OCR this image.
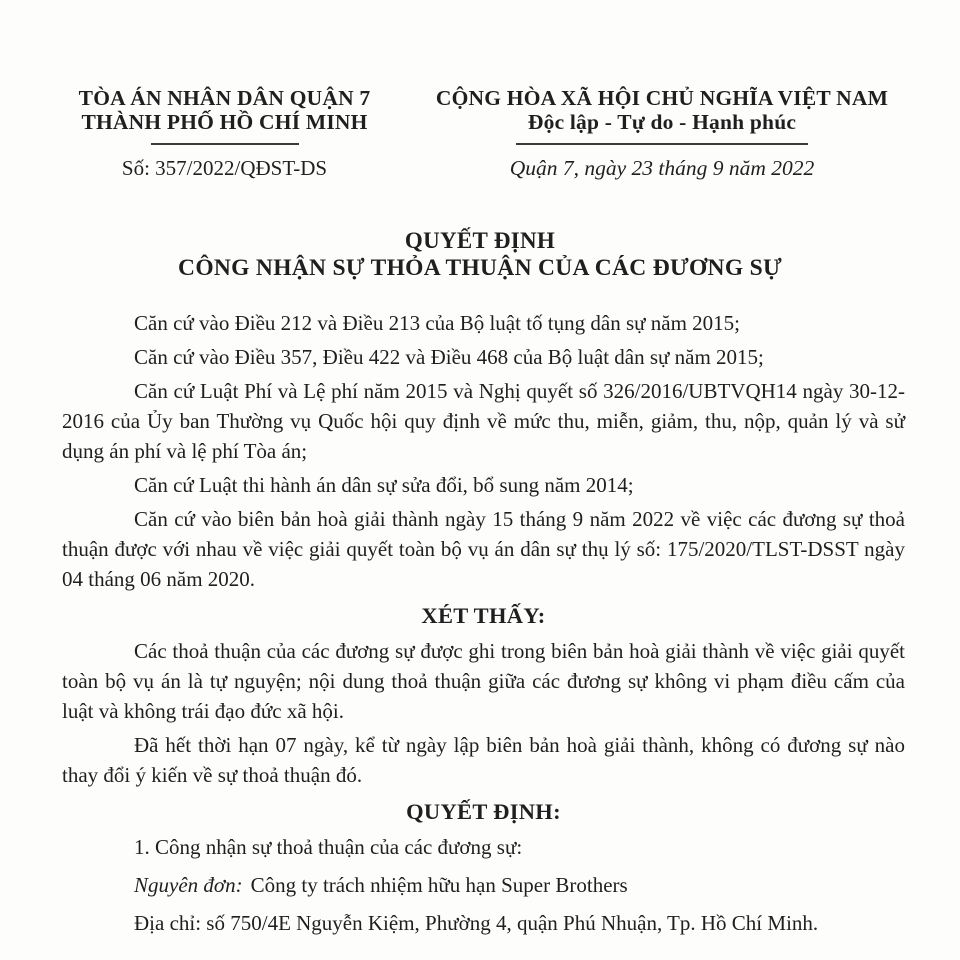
TÒA ÁN NHÂN DÂN QUẬN 7
THÀNH PHỐ HỒ CHÍ MINH
Số: 357/2022/QĐST-DS
CỘNG HÒA XÃ HỘI CHỦ NGHĨA VIỆT NAM
Độc lập - Tự do - Hạnh phúc
Quận 7, ngày 23 tháng 9 năm 2022
QUYẾT ĐỊNH
CÔNG NHẬN SỰ THỎA THUẬN CỦA CÁC ĐƯƠNG SỰ

Căn cứ vào Điều 212 và Điều 213 của Bộ luật tố tụng dân sự năm 2015;

Căn cứ vào Điều 357, Điều 422 và Điều 468 của Bộ luật dân sự năm 2015;

Căn cứ Luật Phí và Lệ phí năm 2015 và Nghị quyết số 326/2016/UBTVQH14 ngày 30-12-2016 của Ủy ban Thường vụ Quốc hội quy định về mức thu, miễn, giảm, thu, nộp, quản lý và sử dụng án phí và lệ phí Tòa án;

Căn cứ Luật thi hành án dân sự sửa đổi, bổ sung năm 2014;

Căn cứ vào biên bản hoà giải thành ngày 15 tháng 9 năm 2022 về việc các đương sự thoả thuận được với nhau về việc giải quyết toàn bộ vụ án dân sự thụ lý số: 175/2020/TLST-DSST ngày 04 tháng 06 năm 2020.

XÉT THẤY:

Các thoả thuận của các đương sự được ghi trong biên bản hoà giải thành về việc giải quyết toàn bộ vụ án là tự nguyện; nội dung thoả thuận giữa các đương sự không vi phạm điều cấm của luật và không trái đạo đức xã hội.

Đã hết thời hạn 07 ngày, kể từ ngày lập biên bản hoà giải thành, không có đương sự nào thay đổi ý kiến về sự thoả thuận đó.

QUYẾT ĐỊNH:

1. Công nhận sự thoả thuận của các đương sự:

Nguyên đơn: Công ty trách nhiệm hữu hạn Super Brothers

Địa chỉ: số 750/4E Nguyễn Kiệm, Phường 4, quận Phú Nhuận, Tp. Hồ Chí Minh.
